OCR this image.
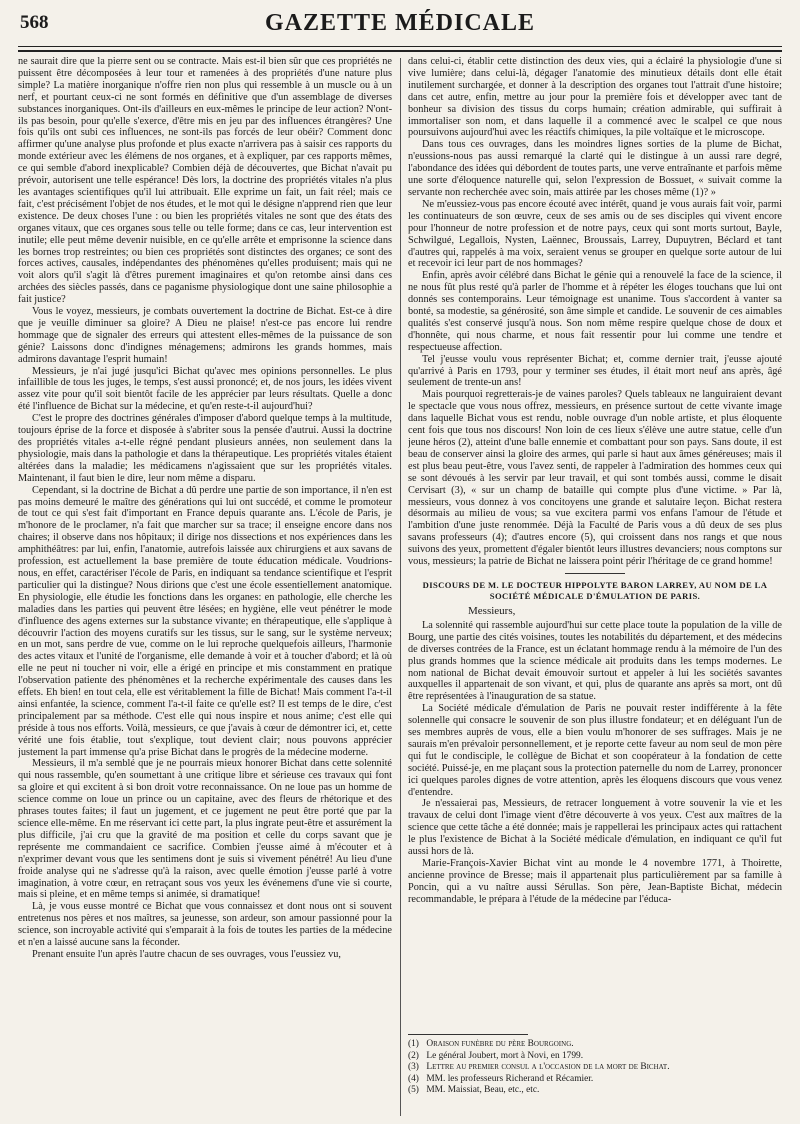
568	GAZETTE MÉDICALE

ne saurait dire que la pierre sent ou se contracte. Mais est-il bien sûr que ces propriétés ne puissent être décomposées à leur tour et ramenées à des propriétés d'une nature plus simple? La matière inorganique n'offre rien non plus qui ressemble à un muscle ou à un nerf, et pourtant ceux-ci ne sont formés en définitive que d'un assemblage de diverses substances inorganiques. Ont-ils d'ailleurs en eux-mêmes le principe de leur action? N'ont-ils pas besoin, pour qu'elle s'exerce, d'être mis en jeu par des influences étrangères? Une fois qu'ils ont subi ces influences, ne sont-ils pas forcés de leur obéir? Comment donc affirmer qu'une analyse plus profonde et plus exacte n'arrivera pas à saisir ces rapports du monde extérieur avec les élémens de nos organes, et à expliquer, par ces rapports mêmes, ce qui semble d'abord inexplicable? Combien déjà de découvertes, que Bichat n'avait pu prévoir, autorisent une telle espérance! Dès lors, la doctrine des propriétés vitales n'a plus les avantages scientifiques qu'il lui attribuait. Elle exprime un fait, un fait réel; mais ce fait, c'est précisément l'objet de nos études, et le mot qui le désigne n'apprend rien que leur existence. De deux choses l'une : ou bien les propriétés vitales ne sont que des états des organes vitaux, que ces organes sous telle ou telle forme; dans ce cas, leur intervention est inutile; elle peut même devenir nuisible, en ce qu'elle arrête et emprisonne la science dans les bornes trop restreintes; ou bien ces propriétés sont distinctes des organes; ce sont des forces actives, causales, indépendantes des phénomènes qu'elles produisent; mais qui ne voit alors qu'il s'agit là d'êtres purement imaginaires et qu'on retombe ainsi dans ces archées des siècles passés, dans ce paganisme physiologique dont une saine philosophie a fait justice?

Vous le voyez, messieurs, je combats ouvertement la doctrine de Bichat. Est-ce à dire que je veuille diminuer sa gloire? A Dieu ne plaise! n'est-ce pas encore lui rendre hommage que de signaler des erreurs qui attestent elles-mêmes de la puissance de son génie? Laissons donc d'indignes ménagemens; admirons les grands hommes, mais admirons davantage l'esprit humain!

Messieurs, je n'ai jugé jusqu'ici Bichat qu'avec mes opinions personnelles. Le plus infaillible de tous les juges, le temps, s'est aussi prononcé; et, de nos jours, les idées vivent assez vite pour qu'il soit bientôt facile de les apprécier par leurs résultats. Quelle a donc été l'influence de Bichat sur la médecine, et qu'en reste-t-il aujourd'hui?

C'est le propre des doctrines générales d'imposer d'abord quelque temps à la multitude, toujours éprise de la force et disposée à s'abriter sous la pensée d'autrui. Aussi la doctrine des propriétés vitales a-t-elle régné pendant plusieurs années, non seulement dans la physiologie, mais dans la pathologie et dans la thérapeutique. Les propriétés vitales étaient altérées dans la maladie; les médicamens n'agissaient que sur les propriétés vitales. Maintenant, il faut bien le dire, leur nom même a disparu.

Cependant, si la doctrine de Bichat a dû perdre une partie de son importance, il n'en est pas moins demeuré le maître des générations qui lui ont succédé, et comme le promoteur de tout ce qui s'est fait d'important en France depuis quarante ans. L'école de Paris, je m'honore de le proclamer, n'a fait que marcher sur sa trace; il enseigne encore dans nos chaires; il observe dans nos hôpitaux; il dirige nos dissections et nos expériences dans les amphithéâtres: par lui, enfin, l'anatomie, autrefois laissée aux chirurgiens et aux savans de profession, est actuellement la base première de toute éducation médicale. Voudrions-nous, en effet, caractériser l'école de Paris, en indiquant sa tendance scientifique et l'esprit particulier qui la distingue? Nous dirions que c'est une école essentiellement anatomique. En physiologie, elle étudie les fonctions dans les organes: en pathologie, elle cherche les maladies dans les parties qui peuvent être lésées; en hygiène, elle veut pénétrer le mode d'influence des agens externes sur la substance vivante; en thérapeutique, elle s'applique à découvrir l'action des moyens curatifs sur les tissus, sur le sang, sur le système nerveux; en un mot, sans perdre de vue, comme on le lui reproche quelquefois ailleurs, l'harmonie des actes vitaux et l'unité de l'organisme, elle demande à voir et à toucher d'abord; et là où elle ne peut ni toucher ni voir, elle a érigé en principe et mis constamment en pratique l'observation patiente des phénomènes et la recherche expérimentale des causes dans les effets. Eh bien! en tout cela, elle est véritablement la fille de Bichat! Mais comment l'a-t-il ainsi enfantée, la science, comment l'a-t-il faite ce qu'elle est? Il est temps de le dire, c'est principalement par sa méthode. C'est elle qui nous inspire et nous anime; c'est elle qui préside à tous nos efforts. Voilà, messieurs, ce que j'avais à cœur de démontrer ici, et, cette vérité une fois établie, tout s'explique, tout devient clair; nous pouvons apprécier justement la part immense qu'a prise Bichat dans le progrès de la médecine moderne.

Messieurs, il m'a semblé que je ne pourrais mieux honorer Bichat dans cette solennité qui nous rassemble, qu'en soumettant à une critique libre et sérieuse ces travaux qui font sa gloire et qui excitent à si bon droit votre reconnaissance. On ne loue pas un homme de science comme on loue un prince ou un capitaine, avec des fleurs de rhétorique et des phrases toutes faites; il faut un jugement, et ce jugement ne peut être porté que par la science elle-même. En me réservant ici cette part, la plus ingrate peut-être et assurément la plus difficile, j'ai cru que la gravité de ma position et celle du corps savant que je représente me commandaient ce sacrifice. Combien j'eusse aimé à m'écouter et à n'exprimer devant vous que les sentimens dont je suis si vivement pénétré! Au lieu d'une froide analyse qui ne s'adresse qu'à la raison, avec quelle émotion j'eusse parlé à votre imagination, à votre cœur, en retraçant sous vos yeux les événemens d'une vie si courte, mais si pleine, et en même temps si animée, si dramatique!

Là, je vous eusse montré ce Bichat que vous connaissez et dont nous ont si souvent entretenus nos pères et nos maîtres, sa jeunesse, son ardeur, son amour passionné pour la science, son incroyable activité qui s'emparait à la fois de toutes les parties de la médecine et n'en a laissé aucune sans la féconder.

Prenant ensuite l'un après l'autre chacun de ses ouvrages, vous l'eussiez vu,

dans celui-ci, établir cette distinction des deux vies, qui a éclairé la physiologie d'une si vive lumière; dans celui-là, dégager l'anatomie des minutieux détails dont elle était inutilement surchargée, et donner à la description des organes tout l'attrait d'une histoire; dans cet autre, enfin, mettre au jour pour la première fois et développer avec tant de bonheur sa division des tissus du corps humain; création admirable, qui suffirait à immortaliser son nom, et dans laquelle il a commencé avec le scalpel ce que nous poursuivons aujourd'hui avec les réactifs chimiques, la pile voltaïque et le microscope.

Dans tous ces ouvrages, dans les moindres lignes sorties de la plume de Bichat, n'eussions-nous pas aussi remarqué la clarté qui le distingue à un aussi rare degré, l'abondance des idées qui débordent de toutes parts, une verve entraînante et parfois même une sorte d'éloquence naturelle qui, selon l'expression de Bossuet, « suivait comme la servante non recherchée avec soin, mais attirée par les choses même (1)? »

Ne m'eussiez-vous pas encore écouté avec intérêt, quand je vous aurais fait voir, parmi les continuateurs de son œuvre, ceux de ses amis ou de ses disciples qui vivent encore pour l'honneur de notre profession et de notre pays, ceux qui sont morts surtout, Bayle, Schwilgué, Legallois, Nysten, Laënnec, Broussais, Larrey, Dupuytren, Béclard et tant d'autres qui, rappelés à ma voix, seraient venus se grouper en quelque sorte autour de lui et recevoir ici leur part de nos hommages?

Enfin, après avoir célébré dans Bichat le génie qui a renouvelé la face de la science, il ne nous fût plus resté qu'à parler de l'homme et à répéter les éloges touchans que lui ont donnés ses contemporains. Leur témoignage est unanime. Tous s'accordent à vanter sa bonté, sa modestie, sa générosité, son âme simple et candide. Le souvenir de ces aimables qualités s'est conservé jusqu'à nous. Son nom même respire quelque chose de doux et d'honnête, qui nous charme, et nous fait ressentir pour lui comme une tendre et respectueuse affection.

Tel j'eusse voulu vous représenter Bichat; et, comme dernier trait, j'eusse ajouté qu'arrivé à Paris en 1793, pour y terminer ses études, il était mort neuf ans après, âgé seulement de trente-un ans!

Mais pourquoi regretterais-je de vaines paroles? Quels tableaux ne languiraient devant le spectacle que vous nous offrez, messieurs, en présence surtout de cette vivante image dans laquelle Bichat vous est rendu, noble ouvrage d'un noble artiste, et plus éloquente cent fois que tous nos discours! Non loin de ces lieux s'élève une autre statue, celle d'un jeune héros (2), atteint d'une balle ennemie et combattant pour son pays. Sans doute, il est beau de conserver ainsi la gloire des armes, qui parle si haut aux âmes généreuses; mais il est plus beau peut-être, vous l'avez senti, de rappeler à l'admiration des hommes ceux qui se sont dévoués à les servir par leur travail, et qui sont tombés aussi, comme le disait Cervisart (3), « sur un champ de bataille qui compte plus d'une victime. » Par là, messieurs, vous donnez à vos concitoyens une grande et salutaire leçon. Bichat restera désormais au milieu de vous; sa vue excitera parmi vos enfans l'amour de l'étude et l'ambition d'une juste renommée. Déjà la Faculté de Paris vous a dû deux de ses plus savans professeurs (4); d'autres encore (5), qui croissent dans nos rangs et que nous suivons des yeux, promettent d'égaler bientôt leurs illustres devanciers; nous comptons sur vous, messieurs; la patrie de Bichat ne laissera point périr l'héritage de ce grand homme!

DISCOURS DE M. LE DOCTEUR HIPPOLYTE BARON LARREY, AU NOM DE LA SOCIÉTÉ MÉDICALE D'ÉMULATION DE PARIS.

Messieurs,

La solennité qui rassemble aujourd'hui sur cette place toute la population de la ville de Bourg, une partie des cités voisines, toutes les notabilités du département, et des médecins de diverses contrées de la France, est un éclatant hommage rendu à la mémoire de l'un des plus grands hommes que la science médicale ait produits dans les temps modernes. Le nom national de Bichat devait émouvoir surtout et appeler à lui les sociétés savantes auxquelles il appartenait de son vivant, et qui, plus de quarante ans après sa mort, ont dû être représentées à l'inauguration de sa statue.

La Société médicale d'émulation de Paris ne pouvait rester indifférente à la fête solennelle qui consacre le souvenir de son plus illustre fondateur; et en déléguant l'un de ses membres auprès de vous, elle a bien voulu m'honorer de ses suffrages. Mais je ne saurais m'en prévaloir personnellement, et je reporte cette faveur au nom seul de mon père qui fut le condisciple, le collègue de Bichat et son coopérateur à la fondation de cette société. Puissé-je, en me plaçant sous la protection paternelle du nom de Larrey, prononcer ici quelques paroles dignes de votre attention, après les éloquens discours que vous venez d'entendre.

Je n'essaierai pas, Messieurs, de retracer longuement à votre souvenir la vie et les travaux de celui dont l'image vient d'être découverte à vos yeux. C'est aux maîtres de la science que cette tâche a été donnée; mais je rappellerai les principaux actes qui rattachent le plus l'existence de Bichat à la Société médicale d'émulation, en indiquant ce qu'il fut aussi hors de là.

Marie-François-Xavier Bichat vint au monde le 4 novembre 1771, à Thoirette, ancienne province de Bresse; mais il appartenait plus particulièrement par sa famille à Poncin, qui a vu naître aussi Sérullas. Son père, Jean-Baptiste Bichat, médecin recommandable, le prépara à l'étude de la médecine par l'éduca-

(1) Oraison funèbre du père Bourgoing.
(2) Le général Joubert, mort à Novi, en 1799.
(3) Lettre au premier consul a l'occasion de la mort de Bichat.
(4) MM. les professeurs Richerand et Récamier.
(5) MM. Maissiat, Beau, etc., etc.
